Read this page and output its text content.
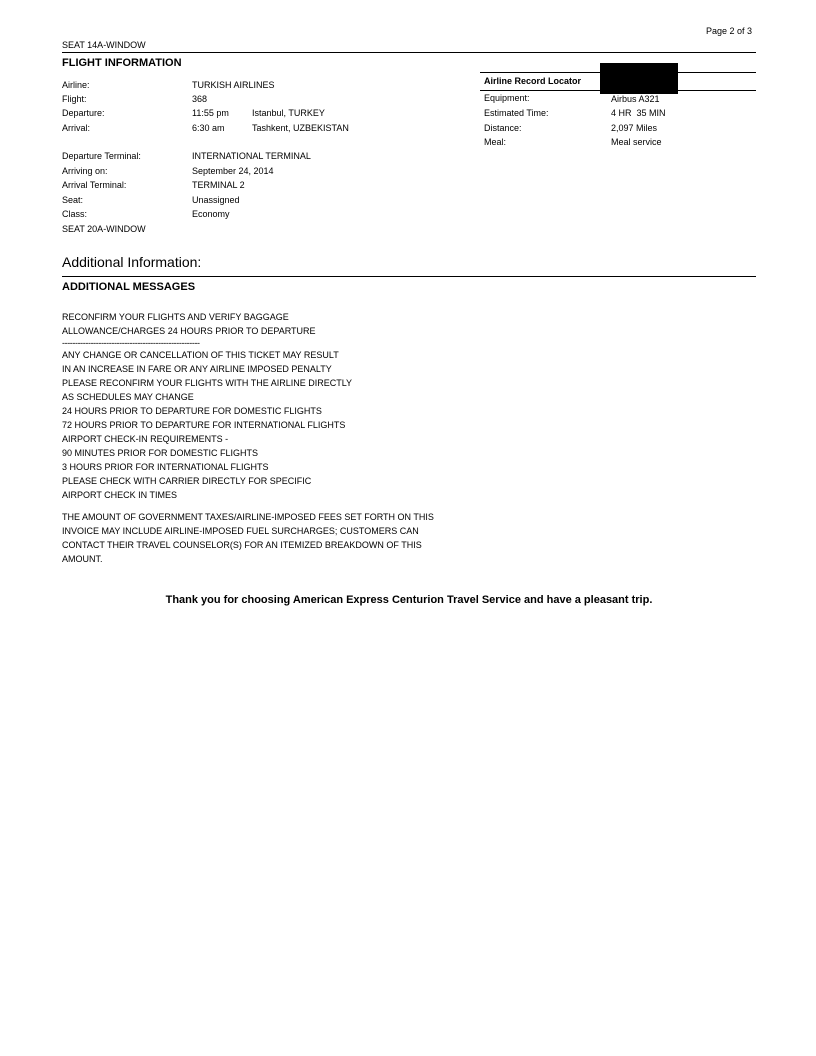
Page 2 of 3
SEAT 14A-WINDOW
FLIGHT INFORMATION
Airline:	TURKISH AIRLINES
Flight:	368
Departure:	11:55 pm	Istanbul, TURKEY
Arrival:	6:30 am	Tashkent, UZBEKISTAN
Departure Terminal:	INTERNATIONAL TERMINAL
Arriving on:	September 24, 2014
Arrival Terminal:	TERMINAL 2
Seat:	Unassigned
Class:	Economy
SEAT 20A-WINDOW
Airline Record Locator
Equipment:	Airbus A321
Estimated Time:	4 HR  35 MIN
Distance:	2,097 Miles
Meal:	Meal service
Additional Information:
ADDITIONAL MESSAGES
RECONFIRM YOUR FLIGHTS AND VERIFY BAGGAGE
ALLOWANCE/CHARGES 24 HOURS PRIOR TO DEPARTURE
-----------------------------------------------------
ANY CHANGE OR CANCELLATION OF THIS TICKET MAY RESULT
IN AN INCREASE IN FARE OR ANY AIRLINE IMPOSED PENALTY
PLEASE RECONFIRM YOUR FLIGHTS WITH THE AIRLINE DIRECTLY
AS SCHEDULES MAY CHANGE
24 HOURS PRIOR TO DEPARTURE FOR DOMESTIC FLIGHTS
72 HOURS PRIOR TO DEPARTURE FOR INTERNATIONAL FLIGHTS
AIRPORT CHECK-IN REQUIREMENTS -
90 MINUTES PRIOR FOR DOMESTIC FLIGHTS
3 HOURS PRIOR FOR INTERNATIONAL FLIGHTS
PLEASE CHECK WITH CARRIER DIRECTLY FOR SPECIFIC
AIRPORT CHECK IN TIMES
THE AMOUNT OF GOVERNMENT TAXES/AIRLINE-IMPOSED FEES SET FORTH ON THIS
INVOICE MAY INCLUDE AIRLINE-IMPOSED FUEL SURCHARGES; CUSTOMERS CAN
CONTACT THEIR TRAVEL COUNSELOR(S) FOR AN ITEMIZED BREAKDOWN OF THIS
AMOUNT.
Thank you for choosing American Express Centurion Travel Service and have a pleasant trip.
